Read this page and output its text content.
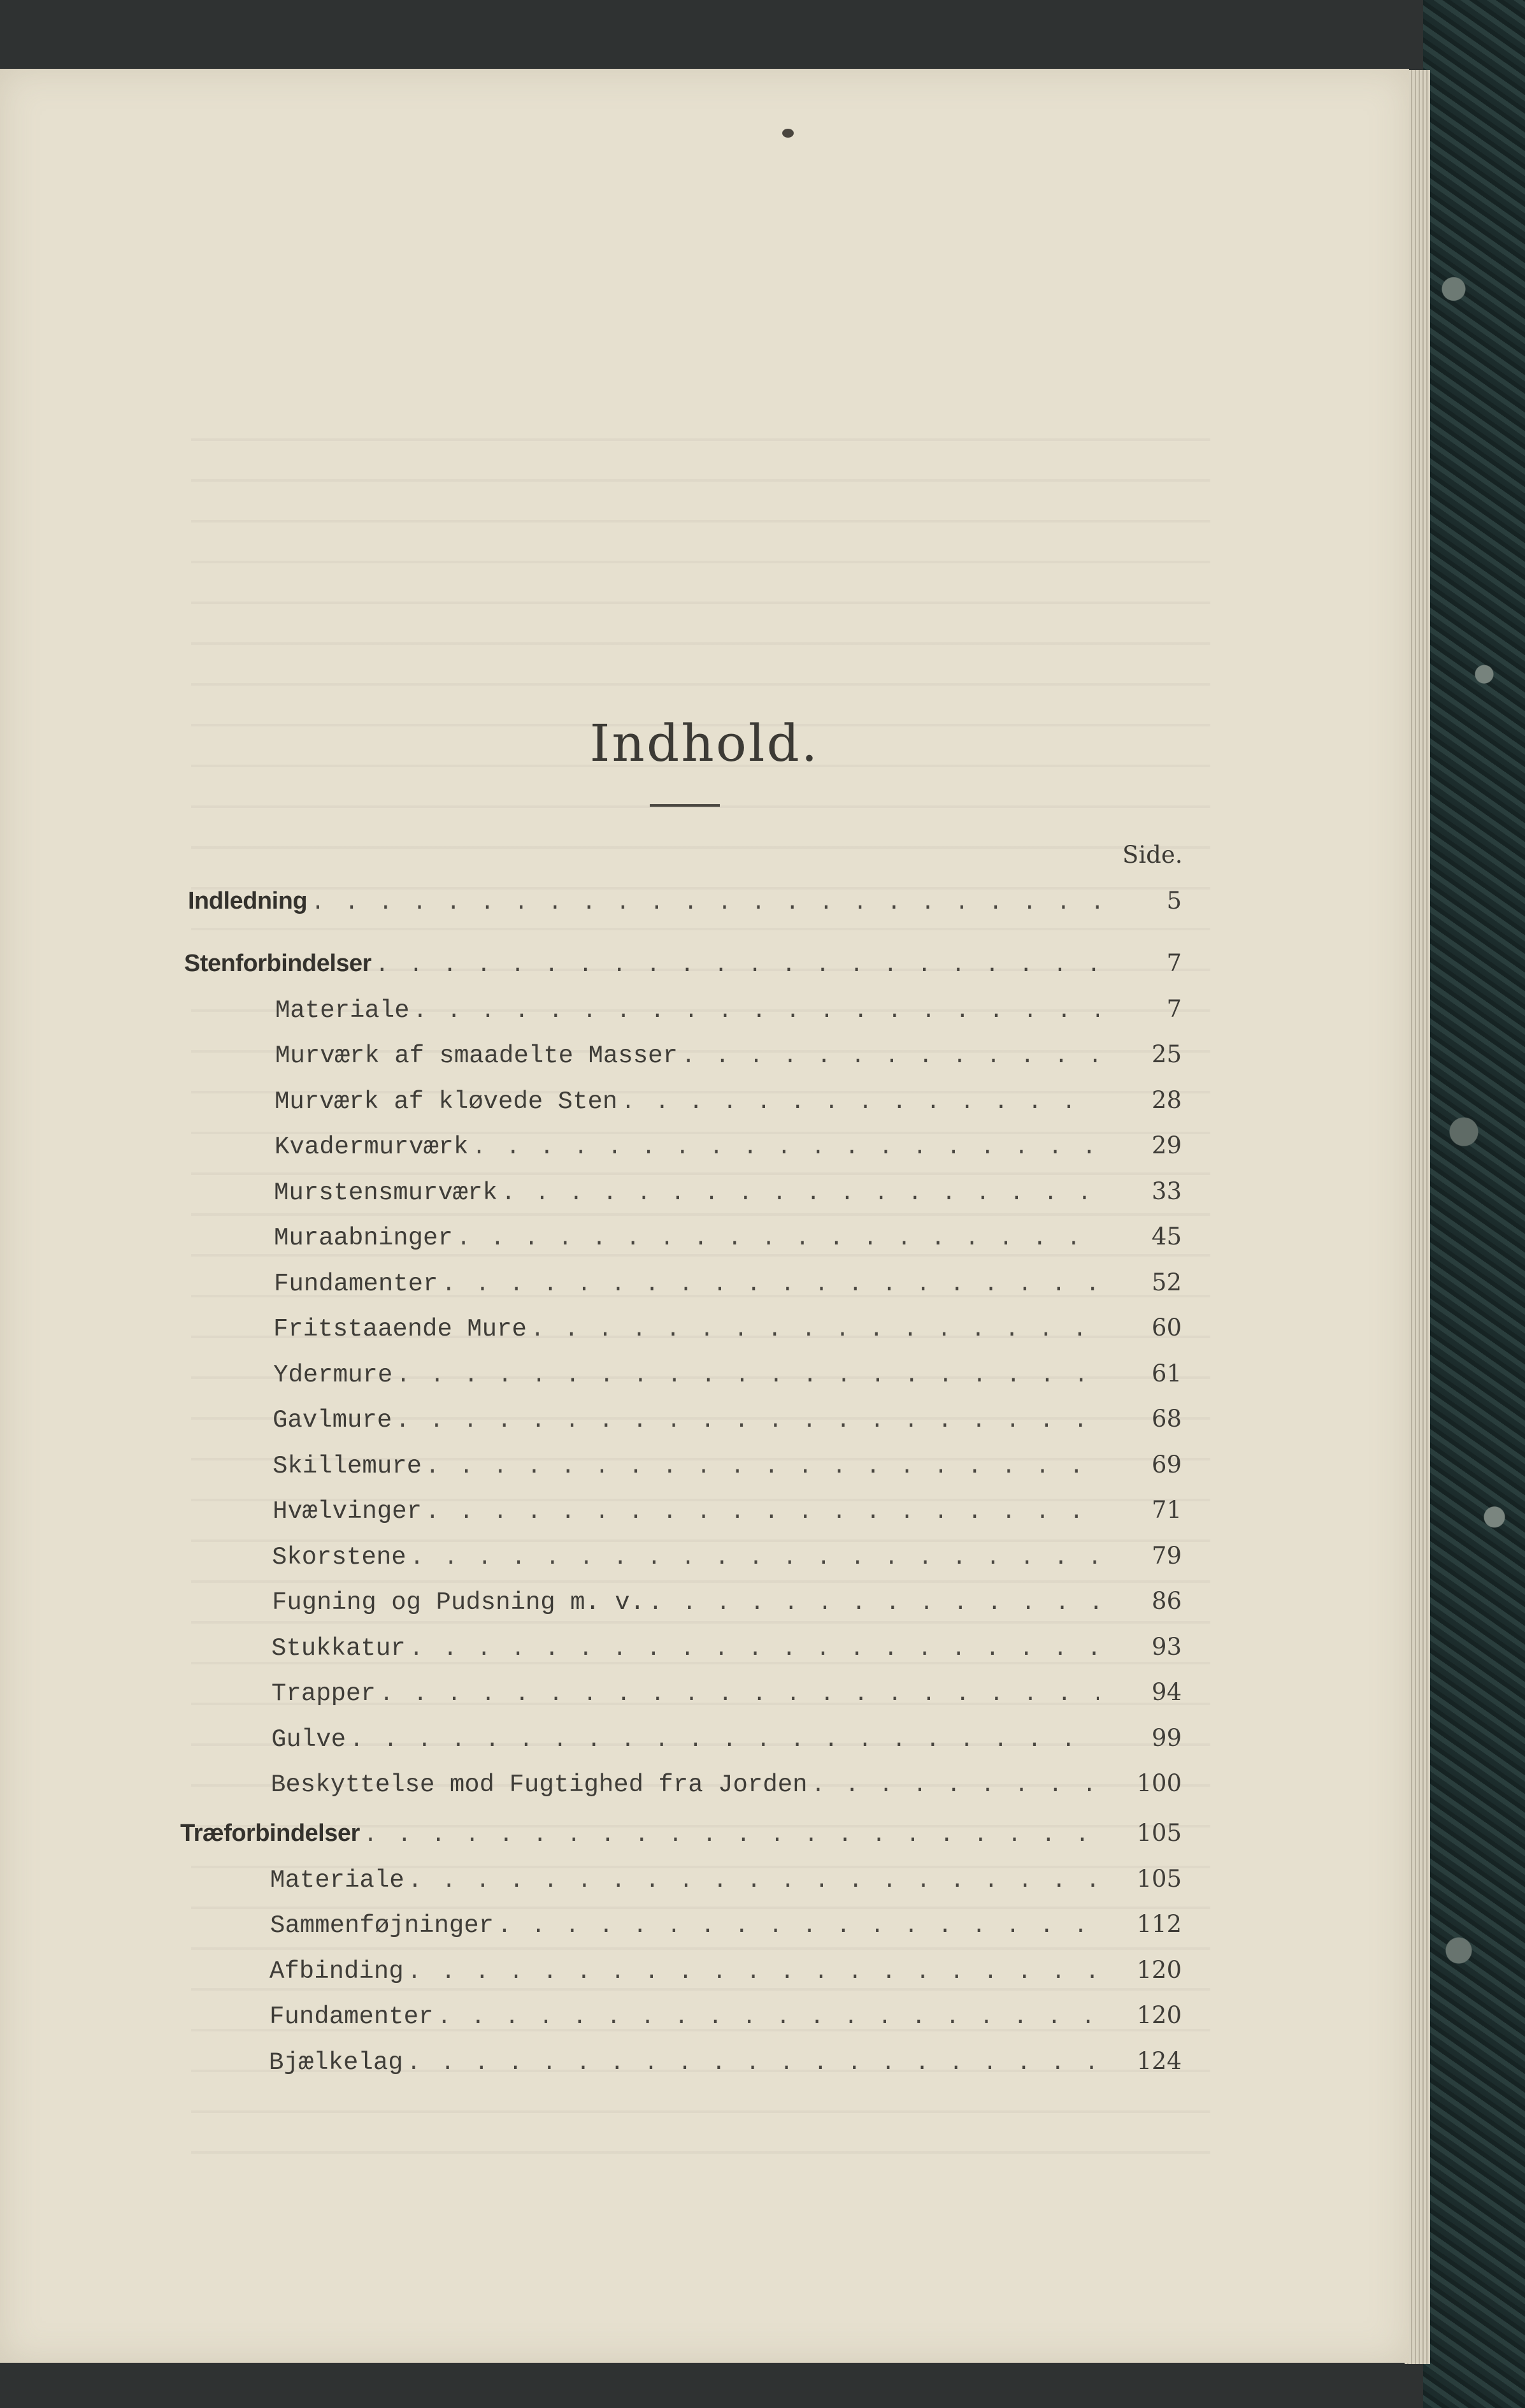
Indhold.
Side.
Indledning . . .	5
Stenforbindelser . . .	7
Materiale . . .	7
Murværk af smaadelte Masser . . .	25
Murværk af kløvede Sten . . .	28
Kvadermurværk . . .	29
Murstensmurværk . . .	33
Muraabninger . . .	45
Fundamenter . . .	52
Fritstaaende Mure . . .	60
Ydermure . . .	61
Gavlmure . . .	68
Skillemure . . .	69
Hvælvinger . . .	71
Skorstene . . .	79
Fugning og Pudsning m. v. . . .	86
Stukkatur . . .	93
Trapper . . .	94
Gulve . . .	99
Beskyttelse mod Fugtighed fra Jorden . . .	100
Træforbindelser . . .	105
Materiale . . .	105
Sammenføjninger . . .	112
Afbinding . . .	120
Fundamenter . . .	120
Bjælkelag . . .	124
